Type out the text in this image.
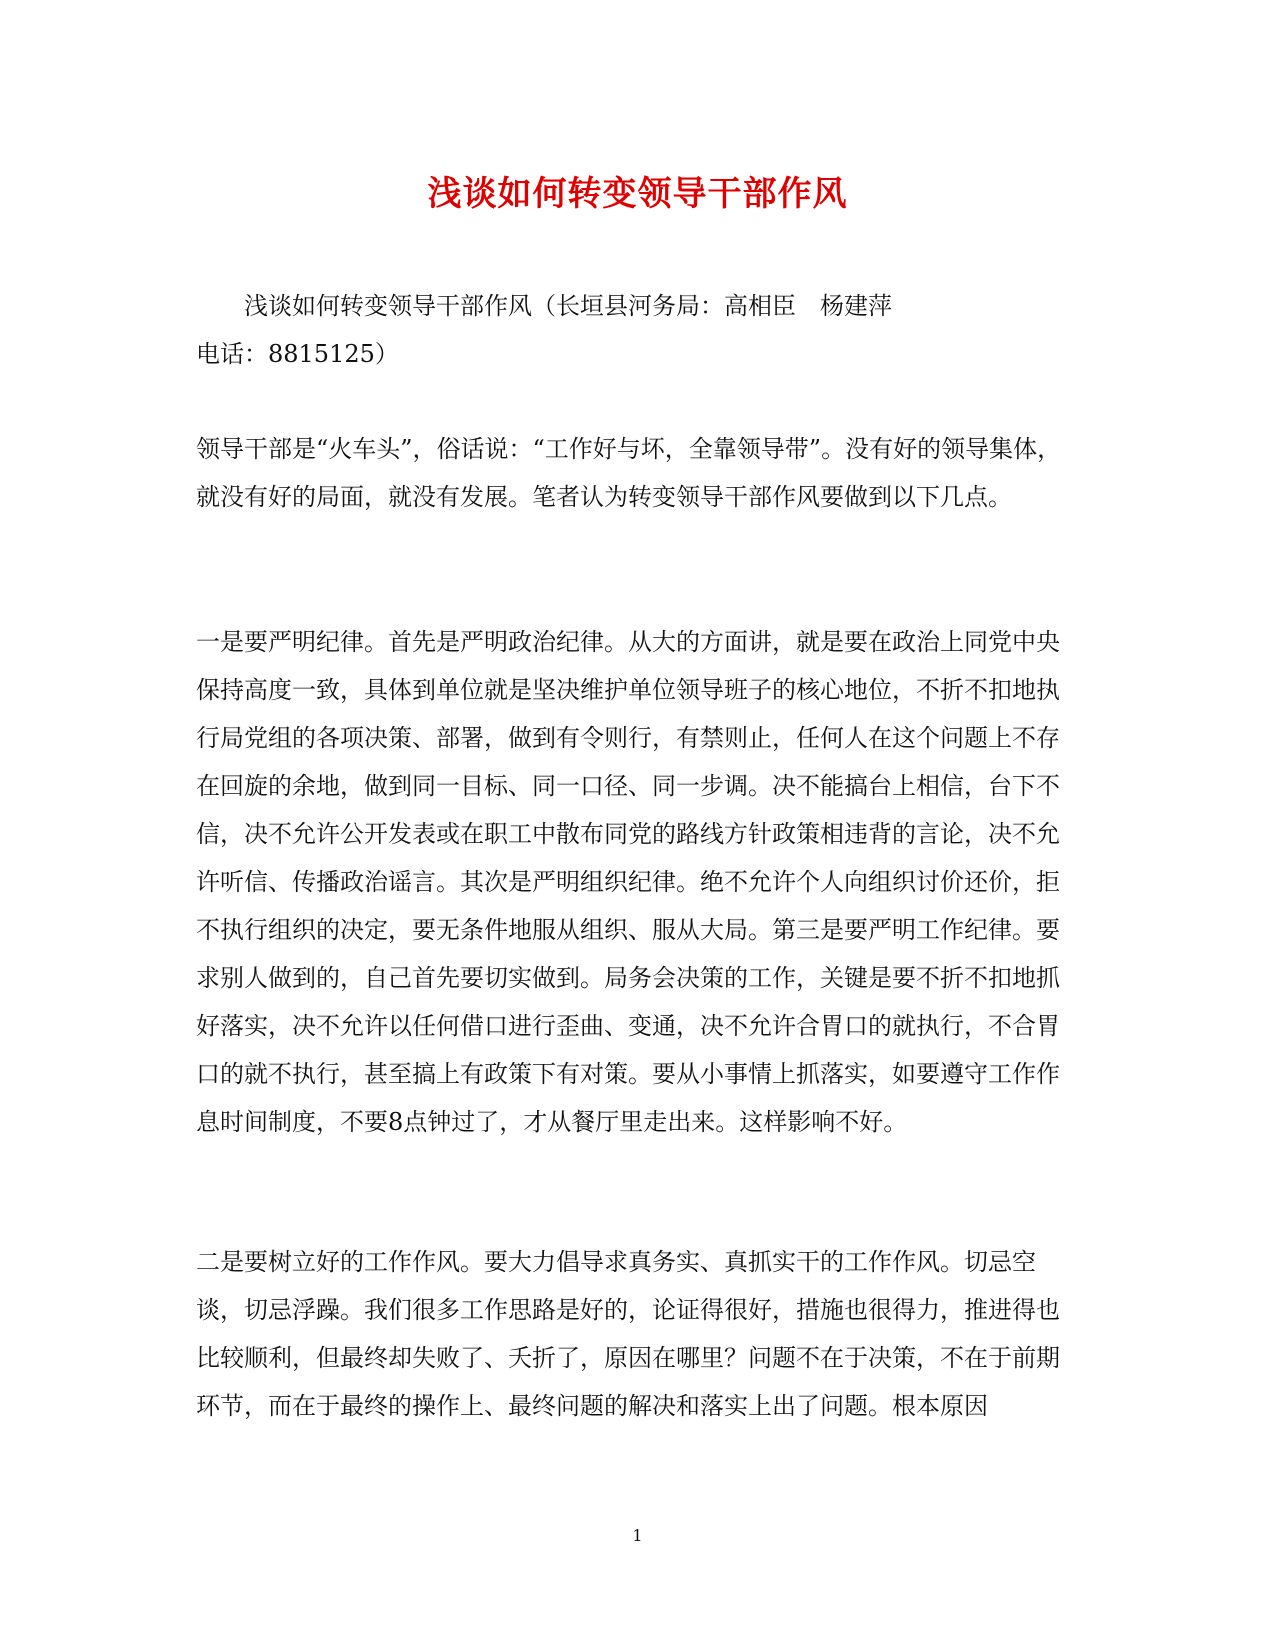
浅谈如何转变领导干部作风

浅谈如何转变领导干部作风（长垣县河务局：高相臣　杨建萍
电话：8815125）

领导干部是“火车头”，俗话说：“工作好与坏，全靠领导带”。没有好的领导集体，就没有好的局面，就没有发展。笔者认为转变领导干部作风要做到以下几点。

一是要严明纪律。首先是严明政治纪律。从大的方面讲，就是要在政治上同党中央保持高度一致，具体到单位就是坚决维护单位领导班子的核心地位，不折不扣地执行局党组的各项决策、部署，做到有令则行，有禁则止，任何人在这个问题上不存在回旋的余地，做到同一目标、同一口径、同一步调。决不能搞台上相信，台下不信，决不允许公开发表或在职工中散布同党的路线方针政策相违背的言论，决不允许听信、传播政治谣言。其次是严明组织纪律。绝不允许个人向组织讨价还价，拒不执行组织的决定，要无条件地服从组织、服从大局。第三是要严明工作纪律。要求别人做到的，自己首先要切实做到。局务会决策的工作，关键是要不折不扣地抓好落实，决不允许以任何借口进行歪曲、变通，决不允许合胃口的就执行，不合胃口的就不执行，甚至搞上有政策下有对策。要从小事情上抓落实，如要遵守工作作息时间制度，不要8点钟过了，才从餐厅里走出来。这样影响不好。

二是要树立好的工作作风。要大力倡导求真务实、真抓实干的工作作风。切忌空谈，切忌浮躁。我们很多工作思路是好的，论证得很好，措施也很得力，推进得也比较顺利，但最终却失败了、夭折了，原因在哪里？问题不在于决策，不在于前期环节，而在于最终的操作上、最终问题的解决和落实上出了问题。根本原因

1
